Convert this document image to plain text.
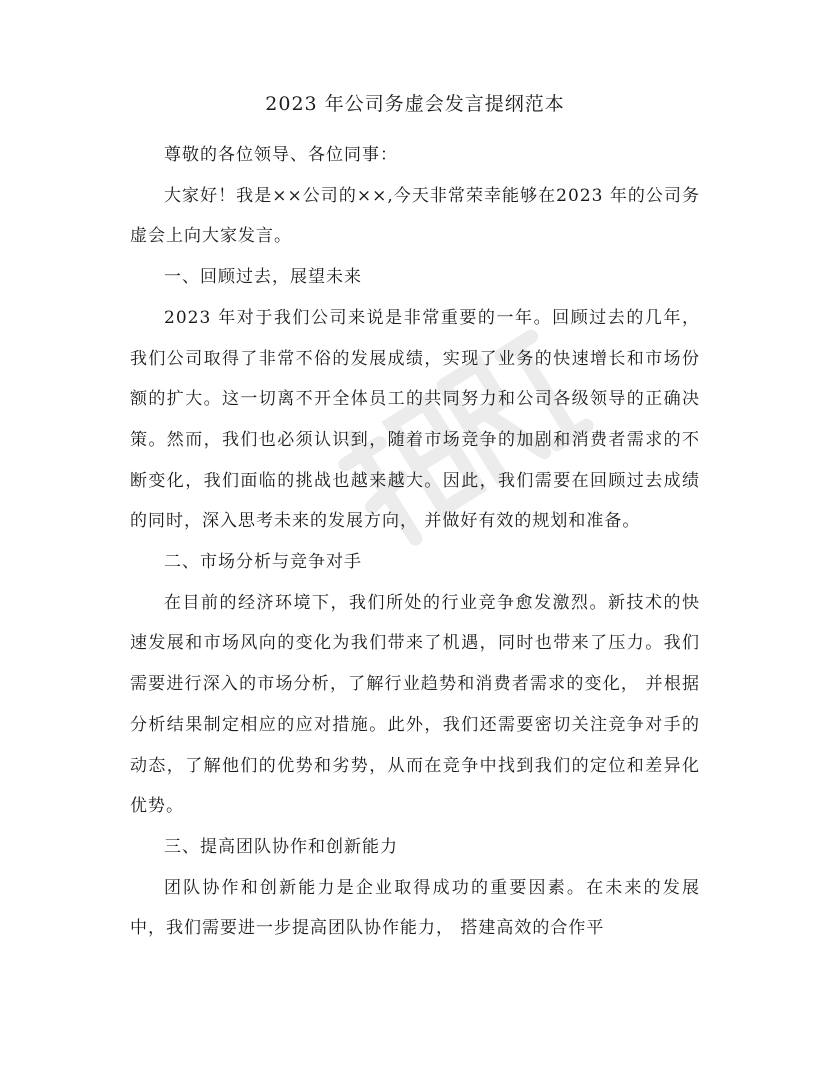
2023 年公司务虚会发言提纲范本

尊敬的各位领导、各位同事：

大家好！我是××公司的××,今天非常荣幸能够在2023 年的公司务虚会上向大家发言。

一、回顾过去，展望未来

2023 年对于我们公司来说是非常重要的一年。回顾过去的几年，我们公司取得了非常不俗的发展成绩，实现了业务的快速增长和市场份额的扩大。这一切离不开全体员工的共同努力和公司各级领导的正确决策。然而，我们也必须认识到，随着市场竞争的加剧和消费者需求的不断变化，我们面临的挑战也越来越大。因此，我们需要在回顾过去成绩的同时，深入思考未来的发展方向， 并做好有效的规划和准备。

二、市场分析与竞争对手

在目前的经济环境下，我们所处的行业竞争愈发激烈。新技术的快速发展和市场风向的变化为我们带来了机遇，同时也带来了压力。我们需要进行深入的市场分析，了解行业趋势和消费者需求的变化， 并根据分析结果制定相应的应对措施。此外，我们还需要密切关注竞争对手的动态，了解他们的优势和劣势，从而在竞争中找到我们的定位和差异化优势。

三、提高团队协作和创新能力

团队协作和创新能力是企业取得成功的重要因素。在未来的发展中，我们需要进一步提高团队协作能力， 搭建高效的合作平
